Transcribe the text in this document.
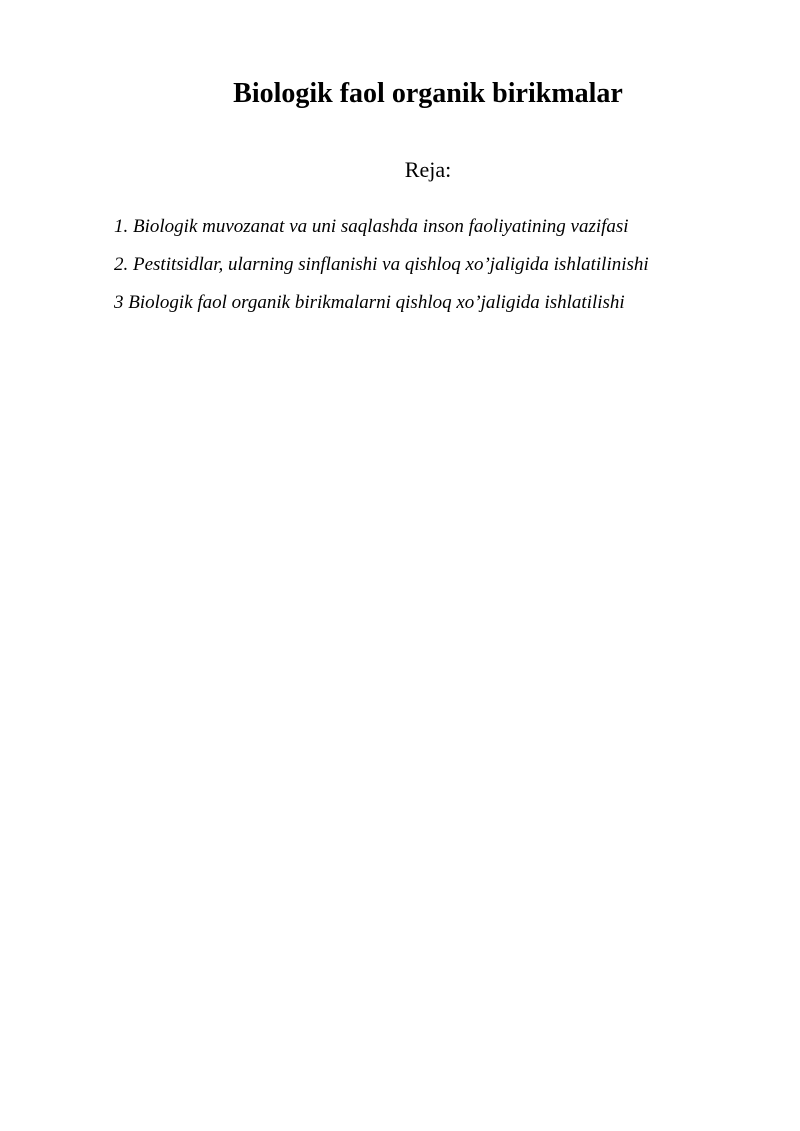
Biologik faol organik birikmalar

Reja:

1. Biologik muvozanat va uni saqlashda inson faoliyatining vazifasi
2. Pestitsidlar, ularning sinflanishi va qishloq xo’jaligida ishlatilinishi
3 Biologik faol organik birikmalarni qishloq xo’jaligida ishlatilishi
